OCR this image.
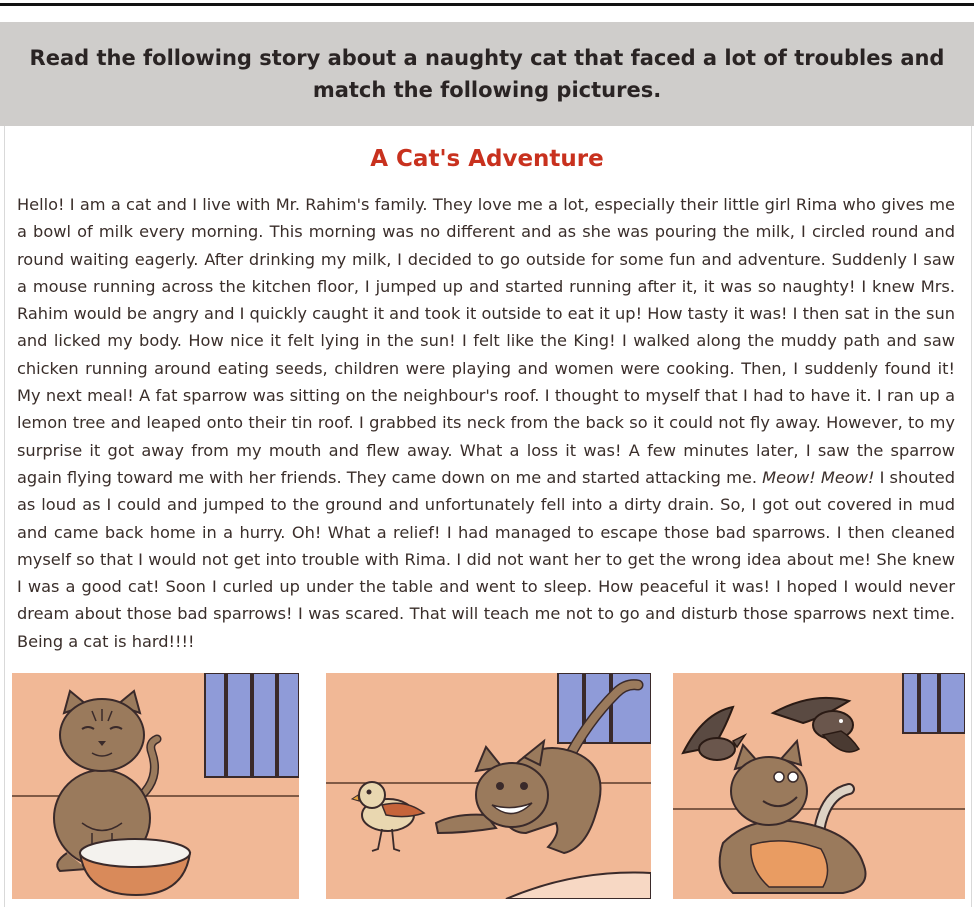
Read the following story about a naughty cat that faced a lot of troubles and match the following pictures.

A Cat's Adventure

Hello! I am a cat and I live with Mr. Rahim's family. They love me a lot, especially their little girl Rima who gives me a bowl of milk every morning. This morning was no different and as she was pouring the milk, I circled round and round waiting eagerly. After drinking my milk, I decided to go outside for some fun and adventure. Suddenly I saw a mouse running across the kitchen floor, I jumped up and started running after it, it was so naughty! I knew Mrs. Rahim would be angry and I quickly caught it and took it outside to eat it up! How tasty it was! I then sat in the sun and licked my body. How nice it felt lying in the sun! I felt like the King! I walked along the muddy path and saw chicken running around eating seeds, children were playing and women were cooking. Then, I suddenly found it! My next meal! A fat sparrow was sitting on the neighbour's roof. I thought to myself that I had to have it. I ran up a lemon tree and leaped onto their tin roof. I grabbed its neck from the back so it could not fly away. However, to my surprise it got away from my mouth and flew away. What a loss it was! A few minutes later, I saw the sparrow again flying toward me with her friends. They came down on me and started attacking me. Meow! Meow! I shouted as loud as I could and jumped to the ground and unfortunately fell into a dirty drain. So, I got out covered in mud and came back home in a hurry. Oh! What a relief! I had managed to escape those bad sparrows. I then cleaned myself so that I would not get into trouble with Rima. I did not want her to get the wrong idea about me! She knew I was a good cat! Soon I curled up under the table and went to sleep. How peaceful it was! I hoped I would never dream about those bad sparrows! I was scared. That will teach me not to go and disturb those sparrows next time. Being a cat is hard!!!!
